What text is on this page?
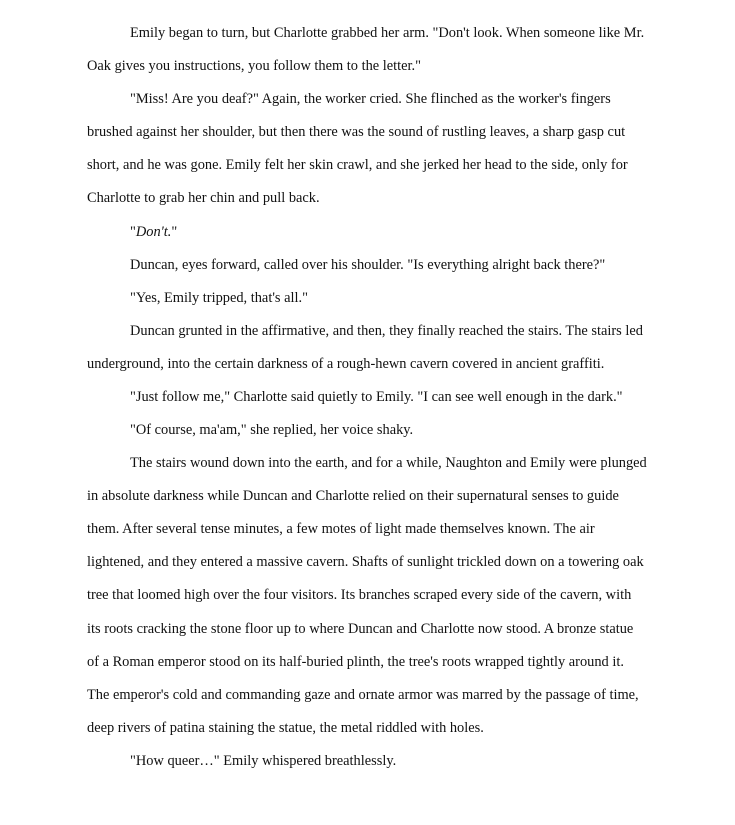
Emily began to turn, but Charlotte grabbed her arm. "Don't look. When someone like Mr.
Oak gives you instructions, you follow them to the letter."
"Miss! Are you deaf?" Again, the worker cried. She flinched as the worker's fingers
brushed against her shoulder, but then there was the sound of rustling leaves, a sharp gasp cut
short, and he was gone. Emily felt her skin crawl, and she jerked her head to the side, only for
Charlotte to grab her chin and pull back.
"Don't."
Duncan, eyes forward, called over his shoulder. "Is everything alright back there?"
"Yes, Emily tripped, that's all."
Duncan grunted in the affirmative, and then, they finally reached the stairs. The stairs led
underground, into the certain darkness of a rough-hewn cavern covered in ancient graffiti.
"Just follow me," Charlotte said quietly to Emily. "I can see well enough in the dark."
"Of course, ma'am," she replied, her voice shaky.
The stairs wound down into the earth, and for a while, Naughton and Emily were plunged
in absolute darkness while Duncan and Charlotte relied on their supernatural senses to guide
them. After several tense minutes, a few motes of light made themselves known. The air
lightened, and they entered a massive cavern. Shafts of sunlight trickled down on a towering oak
tree that loomed high over the four visitors. Its branches scraped every side of the cavern, with
its roots cracking the stone floor up to where Duncan and Charlotte now stood. A bronze statue
of a Roman emperor stood on its half-buried plinth, the tree's roots wrapped tightly around it.
The emperor's cold and commanding gaze and ornate armor was marred by the passage of time,
deep rivers of patina staining the statue, the metal riddled with holes.
"How queer…" Emily whispered breathlessly.
